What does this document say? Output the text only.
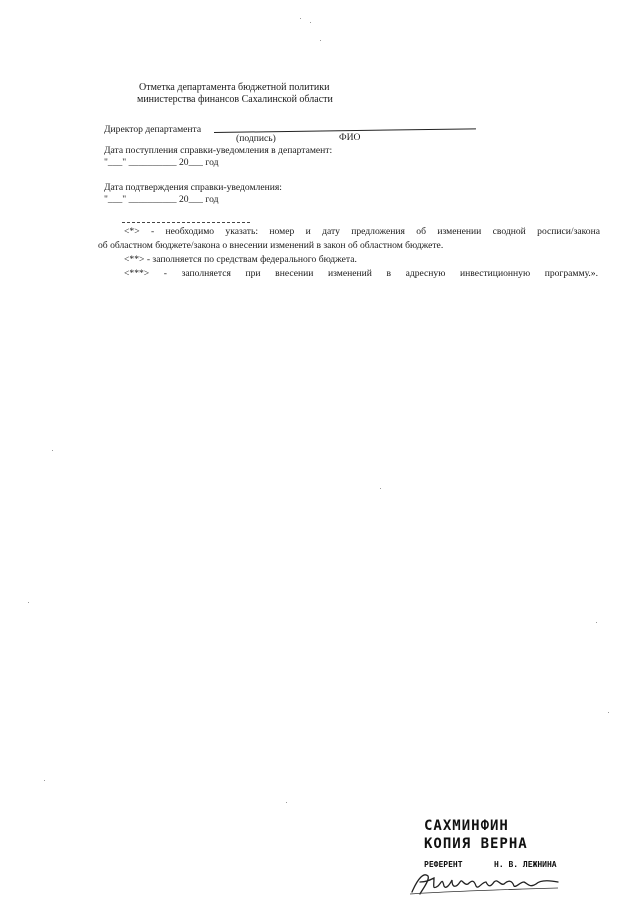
Отметка департамента бюджетной политики
министерства финансов Сахалинской области
Директор департамента
(подпись)	ФИО
Дата поступления справки-уведомления в департамент:
"___" __________ 20___ год
Дата подтверждения справки-уведомления:
"___" __________ 20___ год
<*> - необходимо указать: номер и дату предложения об изменении сводной росписи/закона
об областном бюджете/закона о внесении изменений в закон об областном бюджете.
<**> - заполняется по средствам федерального бюджета.
<***> - заполняется при внесении изменений в адресную инвестиционную программу.».
САХМИНФИН
КОПИЯ ВЕРНА
РЕФЕРЕНТ	Н. В. ЛЕЖНИНА
